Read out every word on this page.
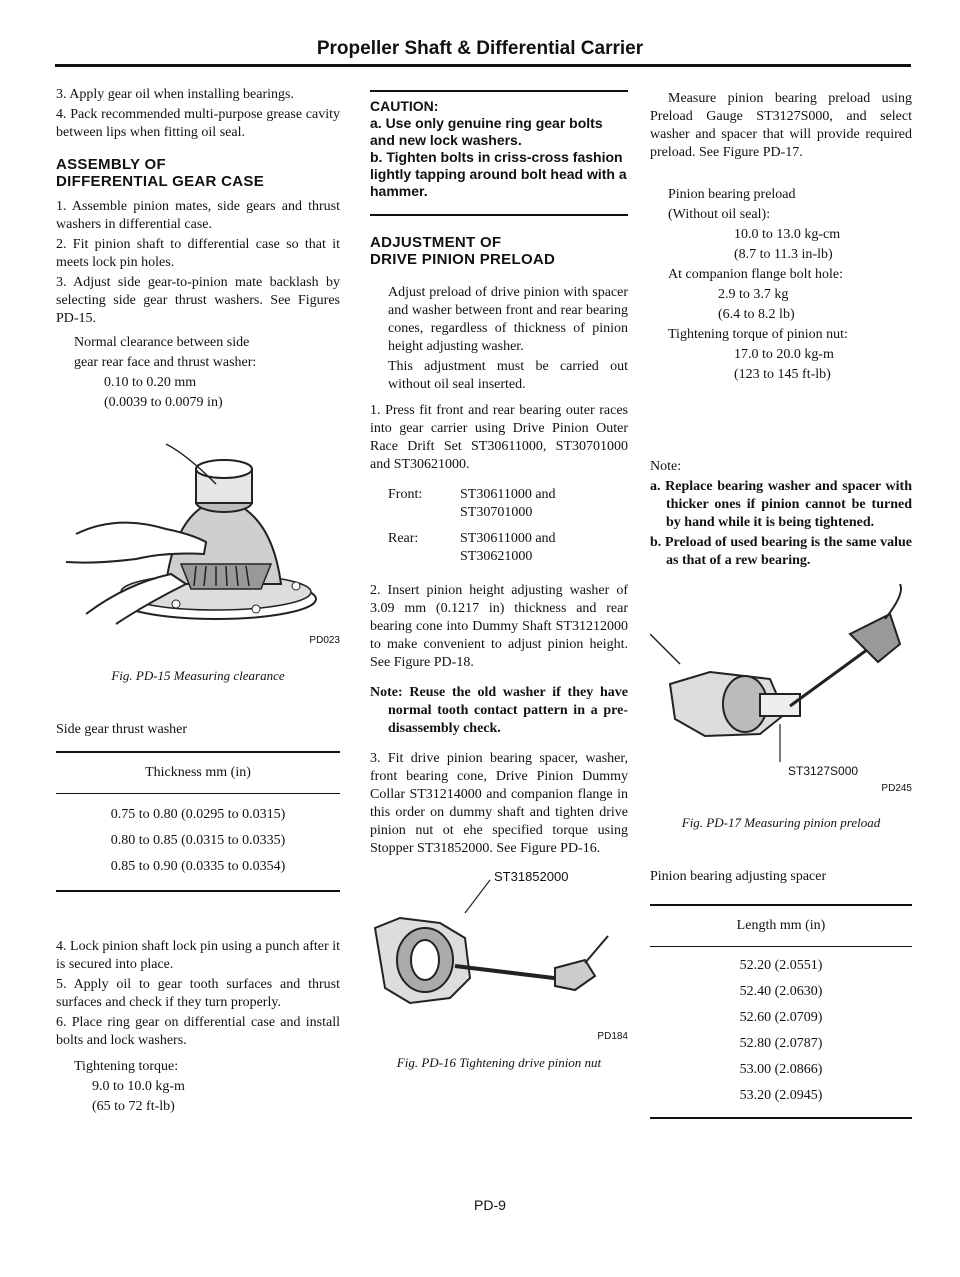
Propeller Shaft & Differential Carrier

3. Apply gear oil when installing bearings.

4. Pack recommended multi-purpose grease cavity between lips when fitting oil seal.

ASSEMBLY OF
DIFFERENTIAL GEAR CASE

1. Assemble pinion mates, side gears and thrust washers in differential case.

2. Fit pinion shaft to differential case so that it meets lock pin holes.

3. Adjust side gear-to-pinion mate backlash by selecting side gear thrust washers. See Figures PD-15.

Normal clearance between side

gear rear face and thrust washer:

0.10 to 0.20 mm

(0.0039 to 0.0079 in)

PD023
Fig. PD-15 Measuring clearance

Side gear thrust washer

Thickness mm (in)
0.75 to 0.80 (0.0295 to 0.0315)
0.80 to 0.85 (0.0315 to 0.0335)
0.85 to 0.90 (0.0335 to 0.0354)

4. Lock pinion shaft lock pin using a punch after it is secured into place.

5. Apply oil to gear tooth surfaces and thrust surfaces and check if they turn properly.

6. Place ring gear on differential case and install bolts and lock washers.

Tightening torque:

9.0 to 10.0 kg-m

(65 to 72 ft-lb)

CAUTION:
a. Use only genuine ring gear bolts and new lock washers.
b. Tighten bolts in criss-cross fashion lightly tapping around bolt head with a hammer.
ADJUSTMENT OF
DRIVE PINION PRELOAD

Adjust preload of drive pinion with spacer and washer between front and rear bearing cones, regardless of thickness of pinion height adjusting washer.

This adjustment must be carried out without oil seal inserted.

1. Press fit front and rear bearing outer races into gear carrier using Drive Pinion Outer Race Drift Set ST30611000, ST30701000 and ST30621000.

Front:	ST30611000 and
ST30701000
Rear:	ST30611000 and
ST30621000

2. Insert pinion height adjusting washer of 3.09 mm (0.1217 in) thickness and rear bearing cone into Dummy Shaft ST31212000 to make convenient to adjust pinion height. See Figure PD-18.

Note: Reuse the old washer if they have normal tooth contact pattern in a pre-disassembly check.

3. Fit drive pinion bearing spacer, washer, front bearing cone, Drive Pinion Dummy Collar ST31214000 and companion flange in this order on dummy shaft and tighten drive pinion nut ot ehe specified torque using Stopper ST31852000. See Figure PD-16.

ST31852000
PD184
Fig. PD-16 Tightening drive pinion nut

Measure pinion bearing preload using Preload Gauge ST3127S000, and select washer and spacer that will provide required preload. See Figure PD-17.

Pinion bearing preload

(Without oil seal):

10.0 to 13.0 kg-cm

(8.7 to 11.3 in-lb)

At companion flange bolt hole:

2.9 to 3.7 kg

(6.4 to 8.2 lb)

Tightening torque of pinion nut:

17.0 to 20.0 kg-m

(123 to 145 ft-lb)

Note:

a. Replace bearing washer and spacer with thicker ones if pinion cannot be turned by hand while it is being tightened.

b. Preload of used bearing is the same value as that of a rew bearing.

ST3127S000
PD245
Fig. PD-17 Measuring pinion preload

Pinion bearing adjusting spacer

Length mm (in)
52.20 (2.0551)
52.40 (2.0630)
52.60 (2.0709)
52.80 (2.0787)
53.00 (2.0866)
53.20 (2.0945)
PD-9
